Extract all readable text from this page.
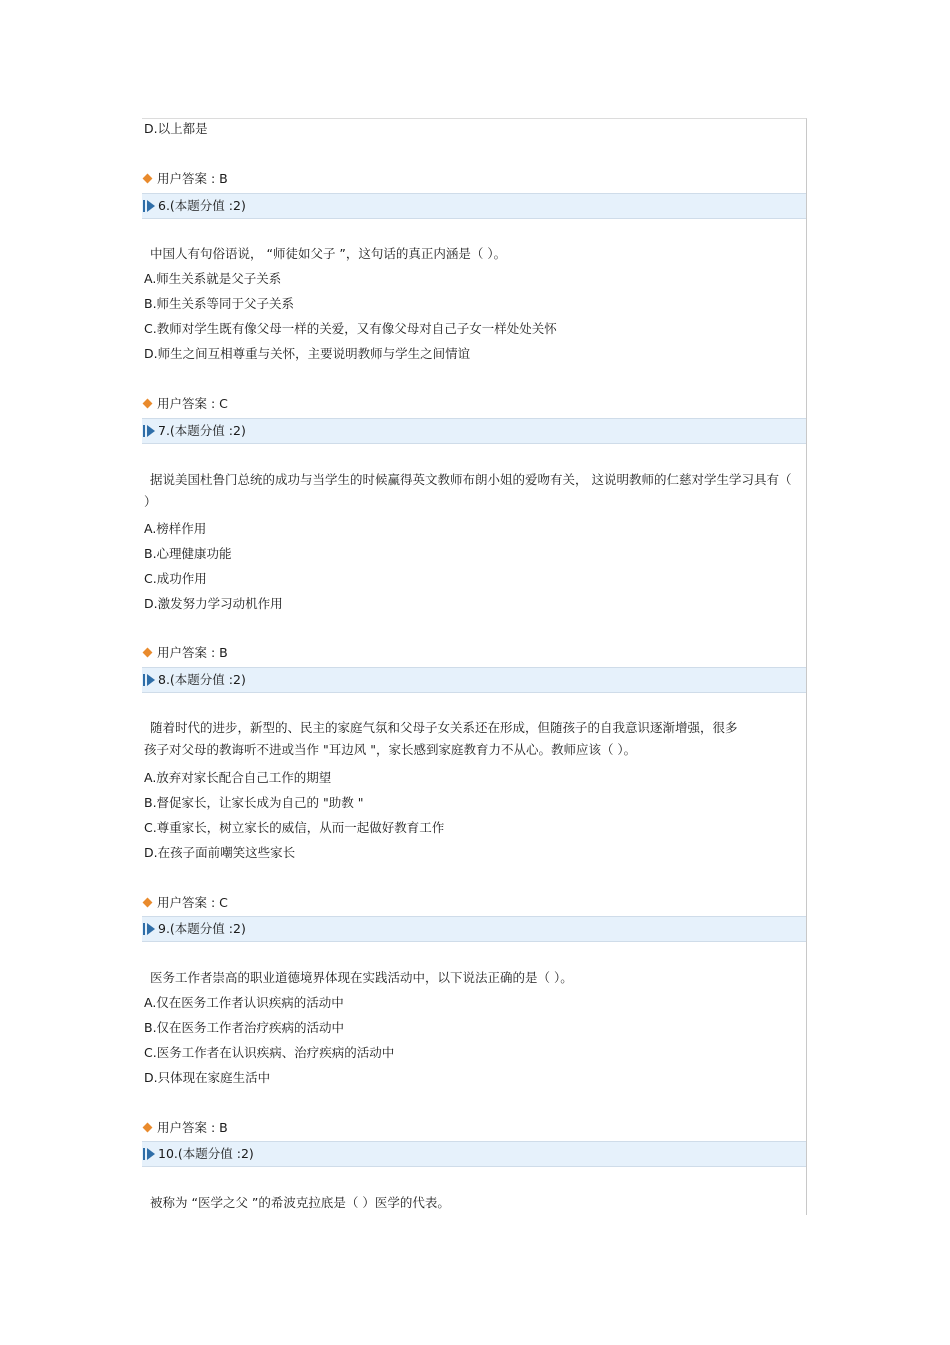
D.以上都是
用户答案 : B
6.(本题分值 :2)
中国人有句俗语说， “师徒如父子 ”，这句话的真正内涵是（ ）。
A.师生关系就是父子关系
B.师生关系等同于父子关系
C.教师对学生既有像父母一样的关爱，又有像父母对自己子女一样处处关怀
D.师生之间互相尊重与关怀，主要说明教师与学生之间情谊
用户答案 : C
7.(本题分值 :2)
据说美国杜鲁门总统的成功与当学生的时候赢得英文教师布朗小姐的爱吻有关， 这说明教师的仁慈对学生学习具有（ ）
A.榜样作用
B.心理健康功能
C.成功作用
D.激发努力学习动机作用
用户答案 : B
8.(本题分值 :2)
随着时代的进步，新型的、民主的家庭气氛和父母子女关系还在形成，但随孩子的自我意识逐渐增强，很多孩子对父母的教诲听不进或当作 "耳边风 "，家长感到家庭教育力不从心。教师应该（ ）。
A.放弃对家长配合自己工作的期望
B.督促家长，让家长成为自己的 "助教 "
C.尊重家长，树立家长的威信，从而一起做好教育工作
D.在孩子面前嘲笑这些家长
用户答案 : C
9.(本题分值 :2)
医务工作者崇高的职业道德境界体现在实践活动中，以下说法正确的是（ ）。
A.仅在医务工作者认识疾病的活动中
B.仅在医务工作者治疗疾病的活动中
C.医务工作者在认识疾病、治疗疾病的活动中
D.只体现在家庭生活中
用户答案 : B
10.(本题分值 :2)
被称为 “医学之父 ”的希波克拉底是（ ）医学的代表。
